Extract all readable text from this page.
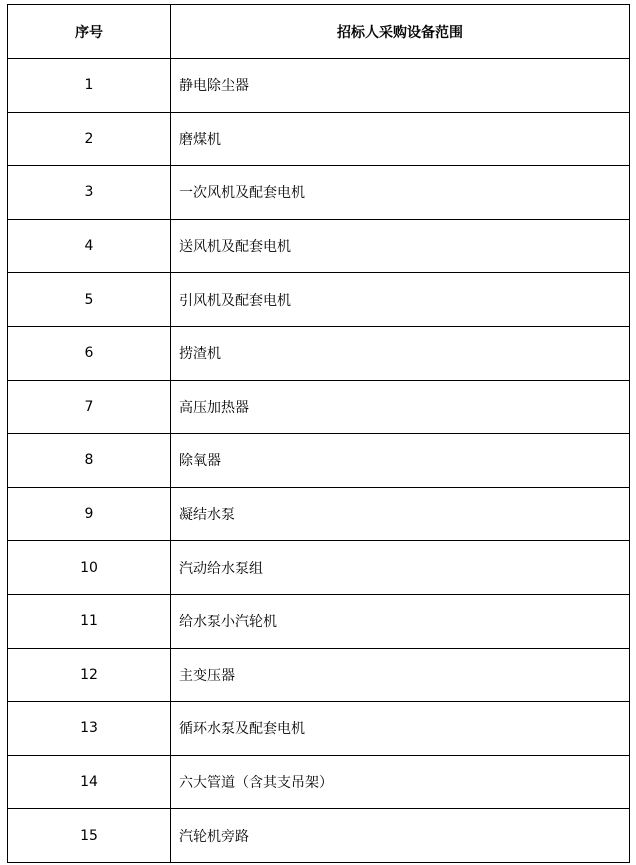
序号	招标人采购设备范围
1	静电除尘器
2	磨煤机
3	一次风机及配套电机
4	送风机及配套电机
5	引风机及配套电机
6	捞渣机
7	高压加热器
8	除氧器
9	凝结水泵
10	汽动给水泵组
11	给水泵小汽轮机
12	主变压器
13	循环水泵及配套电机
14	六大管道（含其支吊架）
15	汽轮机旁路
